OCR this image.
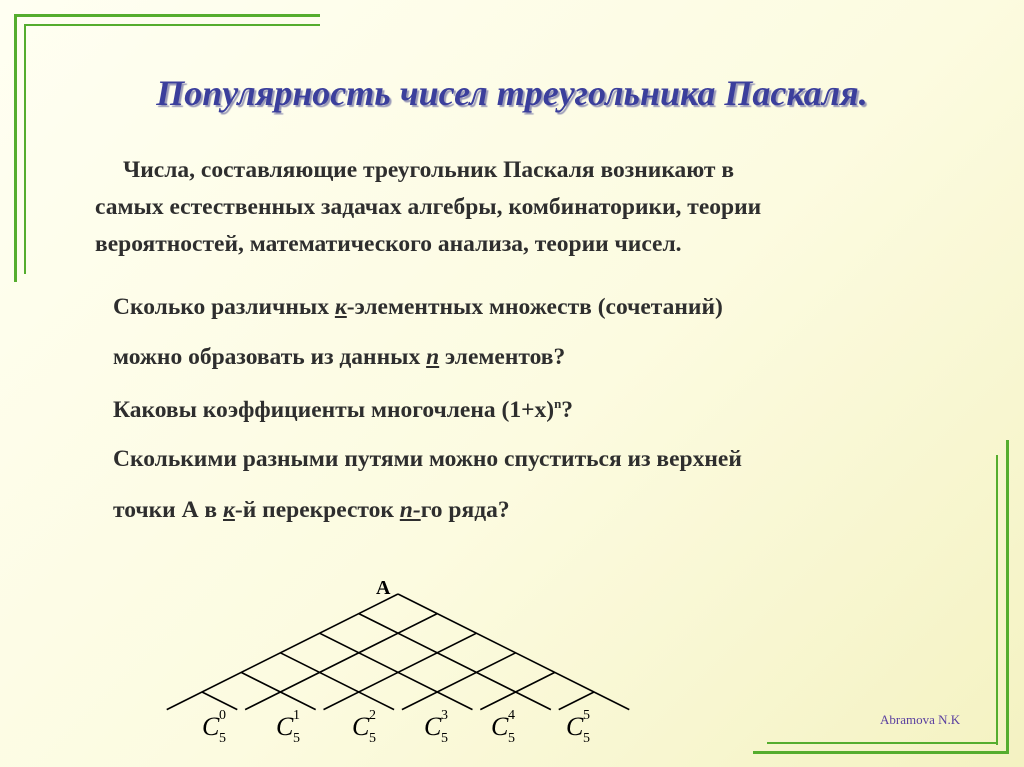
Популярность чисел треугольника Паскаля.
Числа, составляющие треугольник Паскаля возникают в
самых естественных задачах алгебры, комбинаторики, теории
вероятностей, математического анализа, теории чисел.
Сколько различных к-элементных множеств (сочетаний)
можно образовать из данных n элементов?
Каковы коэффициенты многочлена $(1+x)^n$?
Сколькими разными путями можно спуститься из верхней
точки А в к-й перекресток n-го ряда?
A
C 0
5 C 1
5 C 2
5 C 3
5 C 4
5 C 5
5
Abramova N.K
